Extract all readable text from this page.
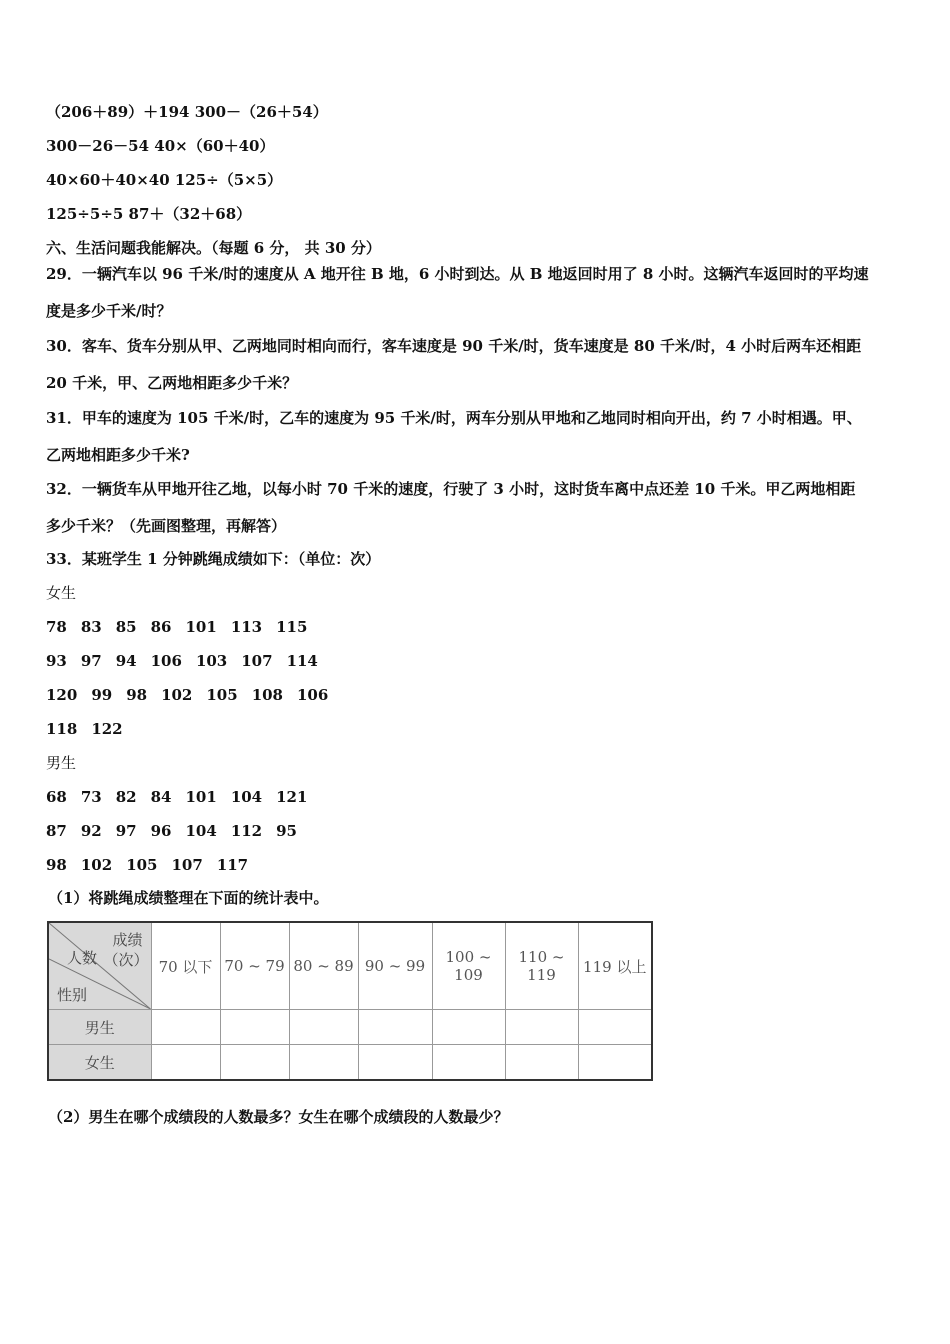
（206＋89）＋194 300－（26＋54）
300－26－54 40×（60＋40）
40×60＋40×40 125÷（5×5）
125÷5÷5 87＋（32＋68）
六、生活问题我能解决。（每题 6 分， 共 30 分）
29．一辆汽车以 96 千米/时的速度从 A 地开往 B 地，6 小时到达。从 B 地返回时用了 8 小时。这辆汽车返回时的平均速
度是多少千米/时？
30．客车、货车分别从甲、乙两地同时相向而行，客车速度是 90 千米/时，货车速度是 80 千米/时，4 小时后两车还相距
20 千米，甲、乙两地相距多少千米？
31．甲车的速度为 105 千米/时，乙车的速度为 95 千米/时，两车分别从甲地和乙地同时相向开出，约 7 小时相遇。甲、
乙两地相距多少千米?
32．一辆货车从甲地开往乙地，以每小时 70 千米的速度，行驶了 3 小时，这时货车离中点还差 10 千米。甲乙两地相距
多少千米？（先画图整理，再解答）
33．某班学生 1 分钟跳绳成绩如下：（单位：次）
女生
78 83 85 86 101 113 115
93 97 94 106 103 107 114
120 99 98 102 105 108 106
118 122
男生
68 73 82 84 101 104 121
87 92 97 96 104 112 95
98 102 105 107 117
（1）将跳绳成绩整理在下面的统计表中。
成绩
（次）
人数
性别	70 以下	70 ~ 79	80 ~ 89	90 ~ 99	100 ~ 109	110 ~ 119	119 以上
男生							
女生							
（2）男生在哪个成绩段的人数最多？女生在哪个成绩段的人数最少？
